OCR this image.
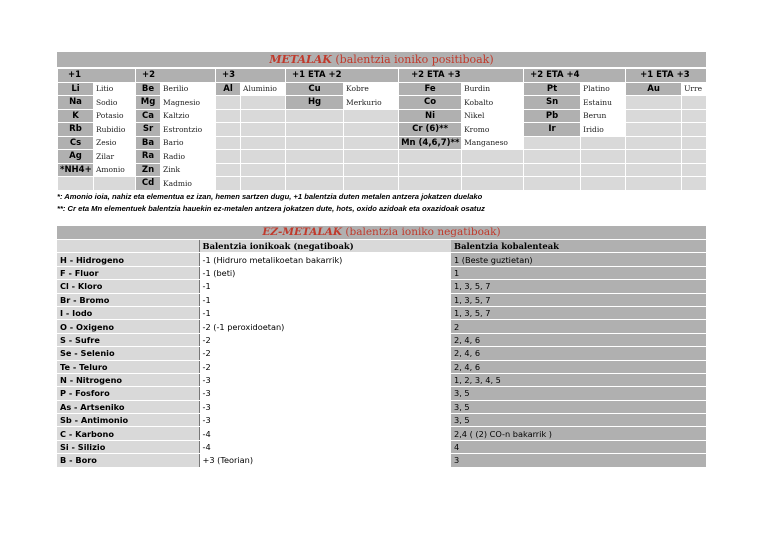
METALAK (balentzia ioniko positiboak)
+1		+2		+3		+1 ETA +2		+2 ETA +3		+2 ETA +4		+1 ETA +3	
Li	Litio	Be	Berilio	Al	Aluminio	Cu	Kobre	Fe	Burdin	Pt	Platino	Au	Urre
Na	Sodio	Mg	Magnesio			Hg	Merkurio	Co	Kobalto	Sn	Estainu		
K	Potasio	Ca	Kaltzio					Ni	Nikel	Pb	Berun		
Rb	Rubidio	Sr	Estrontzio					Cr (6)**	Kromo	Ir	Iridio		
Cs	Zesio	Ba	Bario					Mn (4,6,7)**	Manganeso				
Ag	Zilar	Ra	Radio										
*NH4+	Amonio	Zn	Zink										
		Cd	Kadmio										
*: Amonio ioia, nahiz eta elementua ez izan, hemen sartzen dugu, +1 balentzia duten metalen antzera jokatzen duelako
**: Cr eta Mn elementuek balentzia hauekin ez-metalen antzera jokatzen dute, hots, oxido azidoak eta oxazidoak osatuz
EZ-METALAK (balentzia ioniko negatiboak)
	Balentzia ionikoak (negatiboak)	Balentzia kobalenteak
H - Hidrogeno	-1 (Hidruro metalikoetan bakarrik)	1 (Beste guztietan)
F - Fluor	-1 (beti)	1
Cl - Kloro	-1	1, 3, 5, 7
Br - Bromo	-1	1, 3, 5, 7
I - Iodo	-1	1, 3, 5, 7
O - Oxigeno	-2 (-1 peroxidoetan)	2
S - Sufre	-2	2, 4, 6
Se - Selenio	-2	2, 4, 6
Te - Teluro	-2	2, 4, 6
N - Nitrogeno	-3	1, 2, 3, 4, 5
P - Fosforo	-3	3, 5
As - Artseniko	-3	3, 5
Sb - Antimonio	-3	3, 5
C - Karbono	-4	2,4 ( (2) CO-n bakarrik )
Si - Silizio	-4	4
B - Boro	+3 (Teorian)	3
